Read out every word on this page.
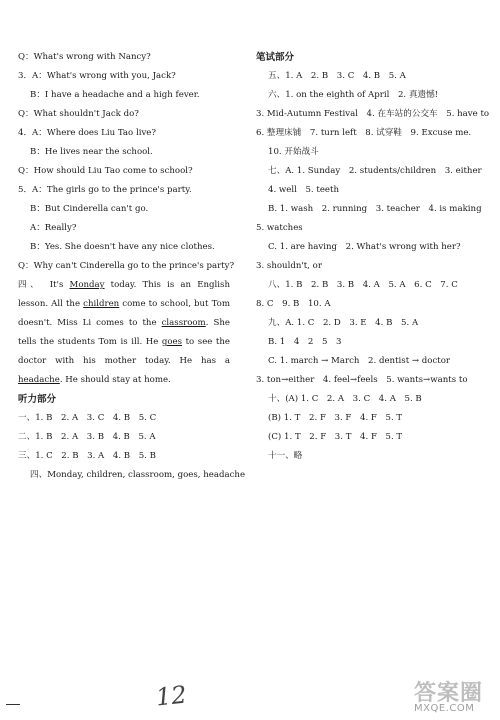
Q：What's wrong with Nancy?
3．A：What's wrong with you, Jack?
B：I have a headache and a high fever.
Q：What shouldn't Jack do?
4．A：Where does Liu Tao live?
B：He lives near the school.
Q：How should Liu Tao come to school?
5．A：The girls go to the prince's party.
B：But Cinderella can't go.
A：Really?
B：Yes. She doesn't have any nice clothes.
Q：Why can't Cinderella go to the prince's party?
四、　It's Monday today. This is an English lesson. All the children come to school, but Tom doesn't. Miss Li comes to the classroom. She tells the students Tom is ill. He goes to see the doctor with his mother today. He has a headache. He should stay at home.
听力部分
一、1. B　2. A　3. C　4. B　5. C
二、1. B　2. A　3. B　4. B　5. A
三、1. C　2. B　3. A　4. B　5. B
四、Monday, children, classroom, goes, headache
笔试部分
五、1. A　2. B　3. C　4. B　5. A
六、1. on the eighth of April　2. 真遗憾!
3. Mid-Autumn Festival　4. 在车站的公交车　5. have to
6. 整理床铺　7. turn left　8. 试穿鞋　9. Excuse me.
10. 开始战斗
七、A. 1. Sunday　2. students/children　3. either
4. well　5. teeth
B. 1. wash　2. running　3. teacher　4. is making
5. watches
C. 1. are having　2. What's wrong with her?
3. shouldn't, or
八、1. B　2. B　3. B　4. A　5. A　6. C　7. C
8. C　9. B　10. A
九、A. 1. C　2. D　3. E　4. B　5. A
B. 1　4　2　5　3
C. 1. march → March　2. dentist → doctor
3. ton→either　4. feel→feels　5. wants→wants to
十、(A) 1. C　2. A　3. C　4. A　5. B
(B) 1. T　2. F　3. F　4. F　5. T
(C) 1. T　2. F　3. T　4. F　5. T
十一、略
12	答案圈
MXQE.COM
